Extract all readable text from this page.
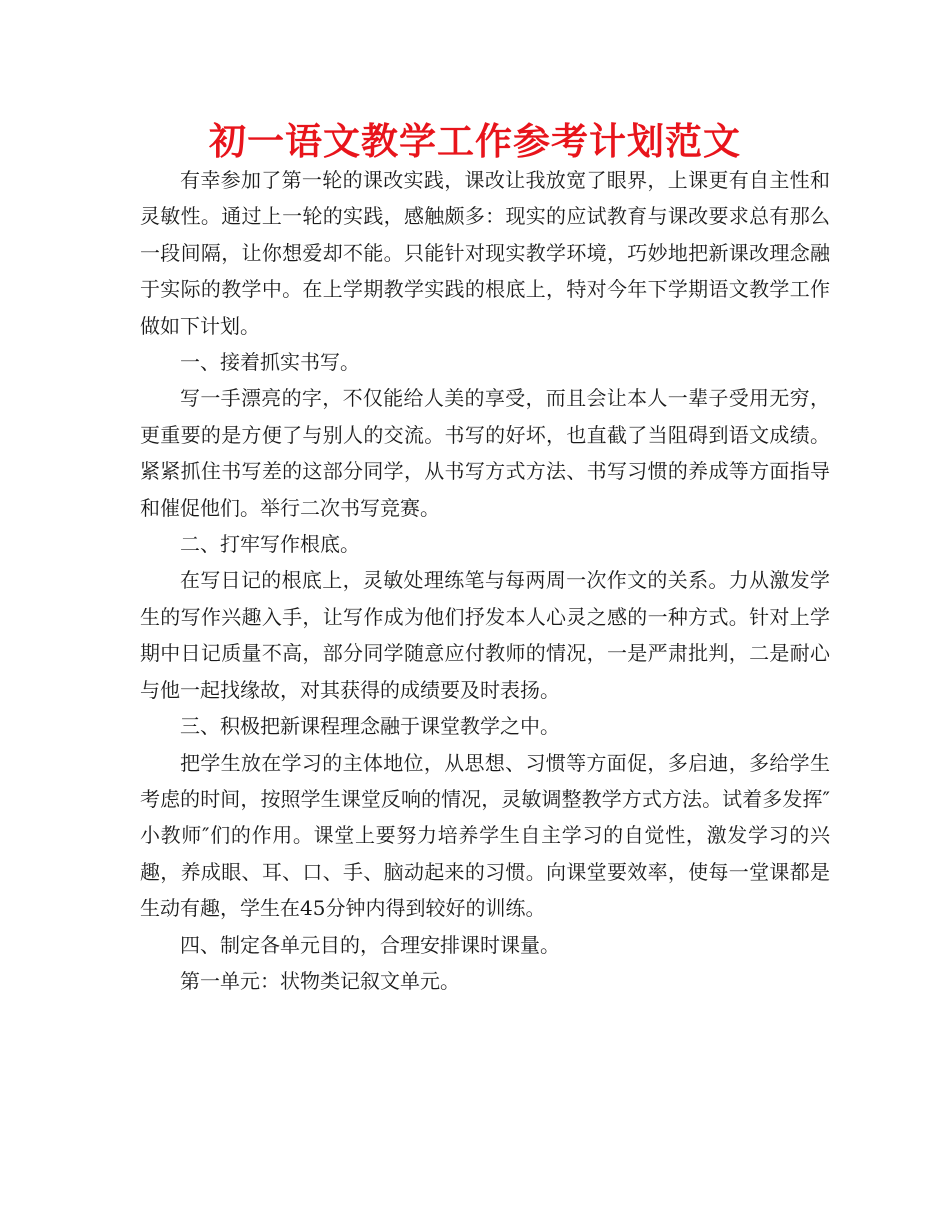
初一语文教学工作参考计划范文

有幸参加了第一轮的课改实践，课改让我放宽了眼界，上课更有自主性和灵敏性。通过上一轮的实践，感触颇多：现实的应试教育与课改要求总有那么一段间隔，让你想爱却不能。只能针对现实教学环境，巧妙地把新课改理念融于实际的教学中。在上学期教学实践的根底上，特对今年下学期语文教学工作做如下计划。

一、接着抓实书写。

写一手漂亮的字，不仅能给人美的享受，而且会让本人一辈子受用无穷，更重要的是方便了与别人的交流。书写的好坏，也直截了当阻碍到语文成绩。紧紧抓住书写差的这部分同学，从书写方式方法、书写习惯的养成等方面指导和催促他们。举行二次书写竞赛。

二、打牢写作根底。

在写日记的根底上，灵敏处理练笔与每两周一次作文的关系。力从激发学生的写作兴趣入手，让写作成为他们抒发本人心灵之感的一种方式。针对上学期中日记质量不高，部分同学随意应付教师的情况，一是严肃批判，二是耐心与他一起找缘故，对其获得的成绩要及时表扬。

三、积极把新课程理念融于课堂教学之中。

把学生放在学习的主体地位，从思想、习惯等方面促，多启迪，多给学生考虑的时间，按照学生课堂反响的情况，灵敏调整教学方式方法。试着多发挥″小教师″们的作用。课堂上要努力培养学生自主学习的自觉性，激发学习的兴趣，养成眼、耳、口、手、脑动起来的习惯。向课堂要效率，使每一堂课都是生动有趣，学生在45分钟内得到较好的训练。

四、制定各单元目的，合理安排课时课量。

第一单元：状物类记叙文单元。
